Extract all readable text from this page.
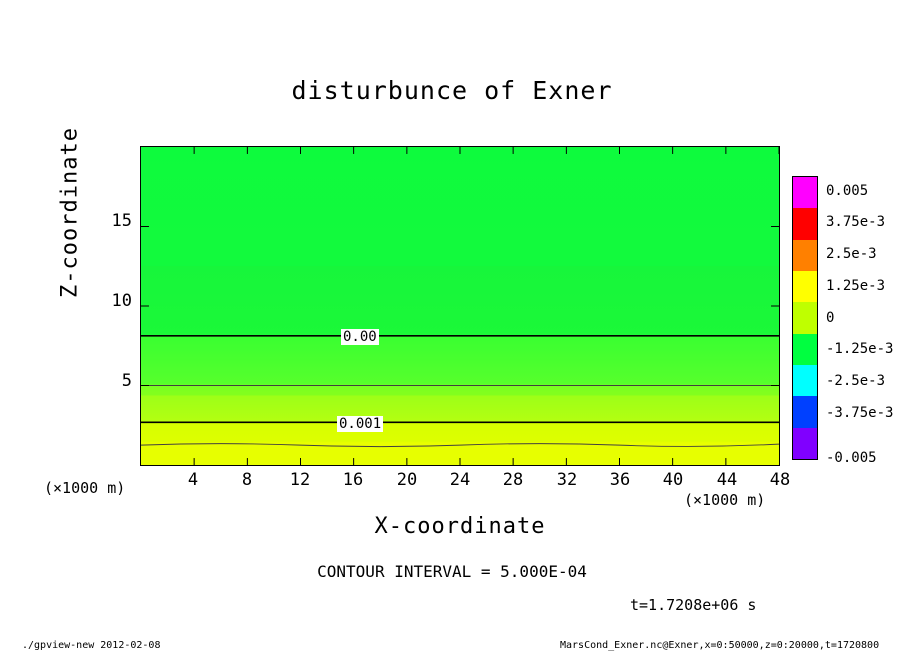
disturbunce of Exner
0.00
0.001
Z-coordinate
X-coordinate
5
10
15
4	8	12	16	20	24	28	32	36	40	44	48
(×1000 m)
(×1000 m)
0.005
3.75e-3
2.5e-3
1.25e-3
0
-1.25e-3
-2.5e-3
-3.75e-3
-0.005
CONTOUR INTERVAL = 5.000E-04
t=1.7208e+06 s
./gpview-new 2012-02-08	MarsCond_Exner.nc@Exner,x=0:50000,z=0:20000,t=1720800
